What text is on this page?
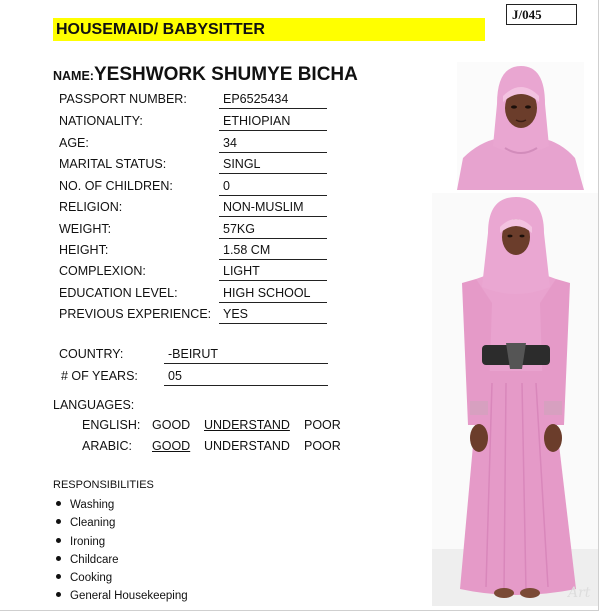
J/045
HOUSEMAID/ BABYSITTER
NAME:YESHWORK SHUMYE BICHA
PASSPORT NUMBER:	EP6525434
NATIONALITY:	ETHIOPIAN
AGE:	34
MARITAL STATUS:	SINGL
NO. OF CHILDREN:	0
RELIGION:	NON-MUSLIM
WEIGHT:	57KG
HEIGHT:	1.58 CM
COMPLEXION:	LIGHT
EDUCATION LEVEL:	HIGH SCHOOL
PREVIOUS EXPERIENCE: YES
COUNTRY:	-BEIRUT
# OF YEARS:	05
LANGUAGES:
ENGLISH: GOOD UNDERSTAND POOR
ARABIC: GOOD UNDERSTAND POOR
RESPONSIBILITIES
Washing
Cleaning
Ironing
Childcare
Cooking
General Housekeeping	Art
